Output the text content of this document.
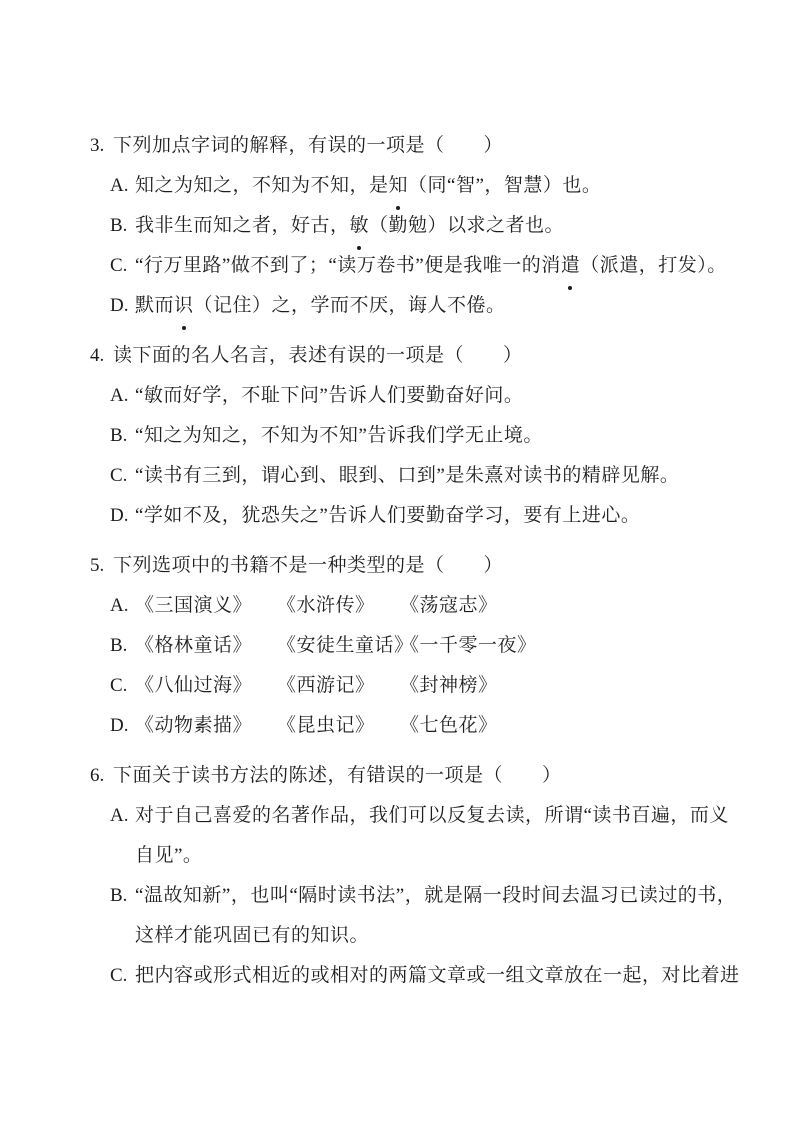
3. 下列加点字词的解释，有误的一项是（　　）
A. 知之为知之，不知为不知，是知（同“智”，智慧）也。
B. 我非生而知之者，好古，敏（勤勉）以求之者也。
C. “行万里路”做不到了；“读万卷书”便是我唯一的消遣（派遣，打发）。
D. 默而识（记住）之，学而不厌，诲人不倦。
4. 读下面的名人名言，表述有误的一项是（　　）
A. “敏而好学，不耻下问”告诉人们要勤奋好问。
B. “知之为知之，不知为不知”告诉我们学无止境。
C. “读书有三到，谓心到、眼到、口到”是朱熹对读书的精辟见解。
D. “学如不及，犹恐失之”告诉人们要勤奋学习，要有上进心。
5. 下列选项中的书籍不是一种类型的是（　　）
A. 《三国演义》 《水浒传》 《荡寇志》
B. 《格林童话》 《安徒生童话》《一千零一夜》
C. 《八仙过海》 《西游记》 《封神榜》
D. 《动物素描》 《昆虫记》 《七色花》
6. 下面关于读书方法的陈述，有错误的一项是（　　）
A. 对于自己喜爱的名著作品，我们可以反复去读，所谓“读书百遍，而义自见”。
B. “温故知新”，也叫“隔时读书法”，就是隔一段时间去温习已读过的书，这样才能巩固已有的知识。
C. 把内容或形式相近的或相对的两篇文章或一组文章放在一起，对比着进
